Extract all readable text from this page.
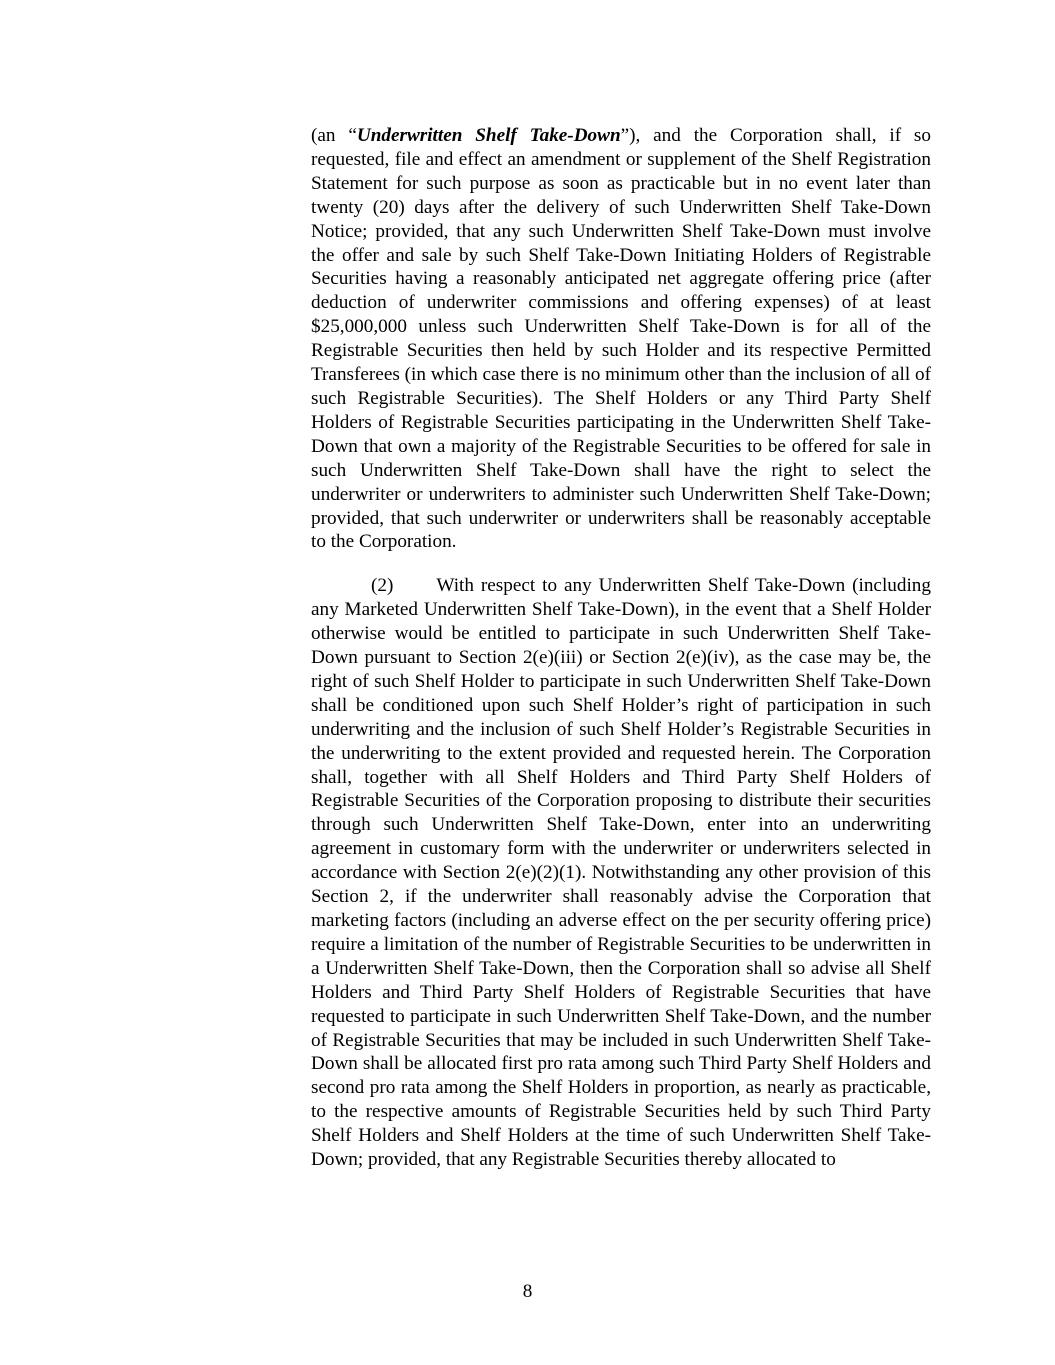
(an “Underwritten Shelf Take-Down”), and the Corporation shall, if so requested, file and effect an amendment or supplement of the Shelf Registration Statement for such purpose as soon as practicable but in no event later than twenty (20) days after the delivery of such Underwritten Shelf Take-Down Notice; provided, that any such Underwritten Shelf Take-Down must involve the offer and sale by such Shelf Take-Down Initiating Holders of Registrable Securities having a reasonably anticipated net aggregate offering price (after deduction of underwriter commissions and offering expenses) of at least $25,000,000 unless such Underwritten Shelf Take-Down is for all of the Registrable Securities then held by such Holder and its respective Permitted Transferees (in which case there is no minimum other than the inclusion of all of such Registrable Securities). The Shelf Holders or any Third Party Shelf Holders of Registrable Securities participating in the Underwritten Shelf Take-Down that own a majority of the Registrable Securities to be offered for sale in such Underwritten Shelf Take-Down shall have the right to select the underwriter or underwriters to administer such Underwritten Shelf Take-Down; provided, that such underwriter or underwriters shall be reasonably acceptable to the Corporation.

(2) With respect to any Underwritten Shelf Take-Down (including any Marketed Underwritten Shelf Take-Down), in the event that a Shelf Holder otherwise would be entitled to participate in such Underwritten Shelf Take-Down pursuant to Section 2(e)(iii) or Section 2(e)(iv), as the case may be, the right of such Shelf Holder to participate in such Underwritten Shelf Take-Down shall be conditioned upon such Shelf Holder’s right of participation in such underwriting and the inclusion of such Shelf Holder’s Registrable Securities in the underwriting to the extent provided and requested herein. The Corporation shall, together with all Shelf Holders and Third Party Shelf Holders of Registrable Securities of the Corporation proposing to distribute their securities through such Underwritten Shelf Take-Down, enter into an underwriting agreement in customary form with the underwriter or underwriters selected in accordance with Section 2(e)(2)(1). Notwithstanding any other provision of this Section 2, if the underwriter shall reasonably advise the Corporation that marketing factors (including an adverse effect on the per security offering price) require a limitation of the number of Registrable Securities to be underwritten in a Underwritten Shelf Take-Down, then the Corporation shall so advise all Shelf Holders and Third Party Shelf Holders of Registrable Securities that have requested to participate in such Underwritten Shelf Take-Down, and the number of Registrable Securities that may be included in such Underwritten Shelf Take-Down shall be allocated first pro rata among such Third Party Shelf Holders and second pro rata among the Shelf Holders in proportion, as nearly as practicable, to the respective amounts of Registrable Securities held by such Third Party Shelf Holders and Shelf Holders at the time of such Underwritten Shelf Take-Down; provided, that any Registrable Securities thereby allocated to

8
